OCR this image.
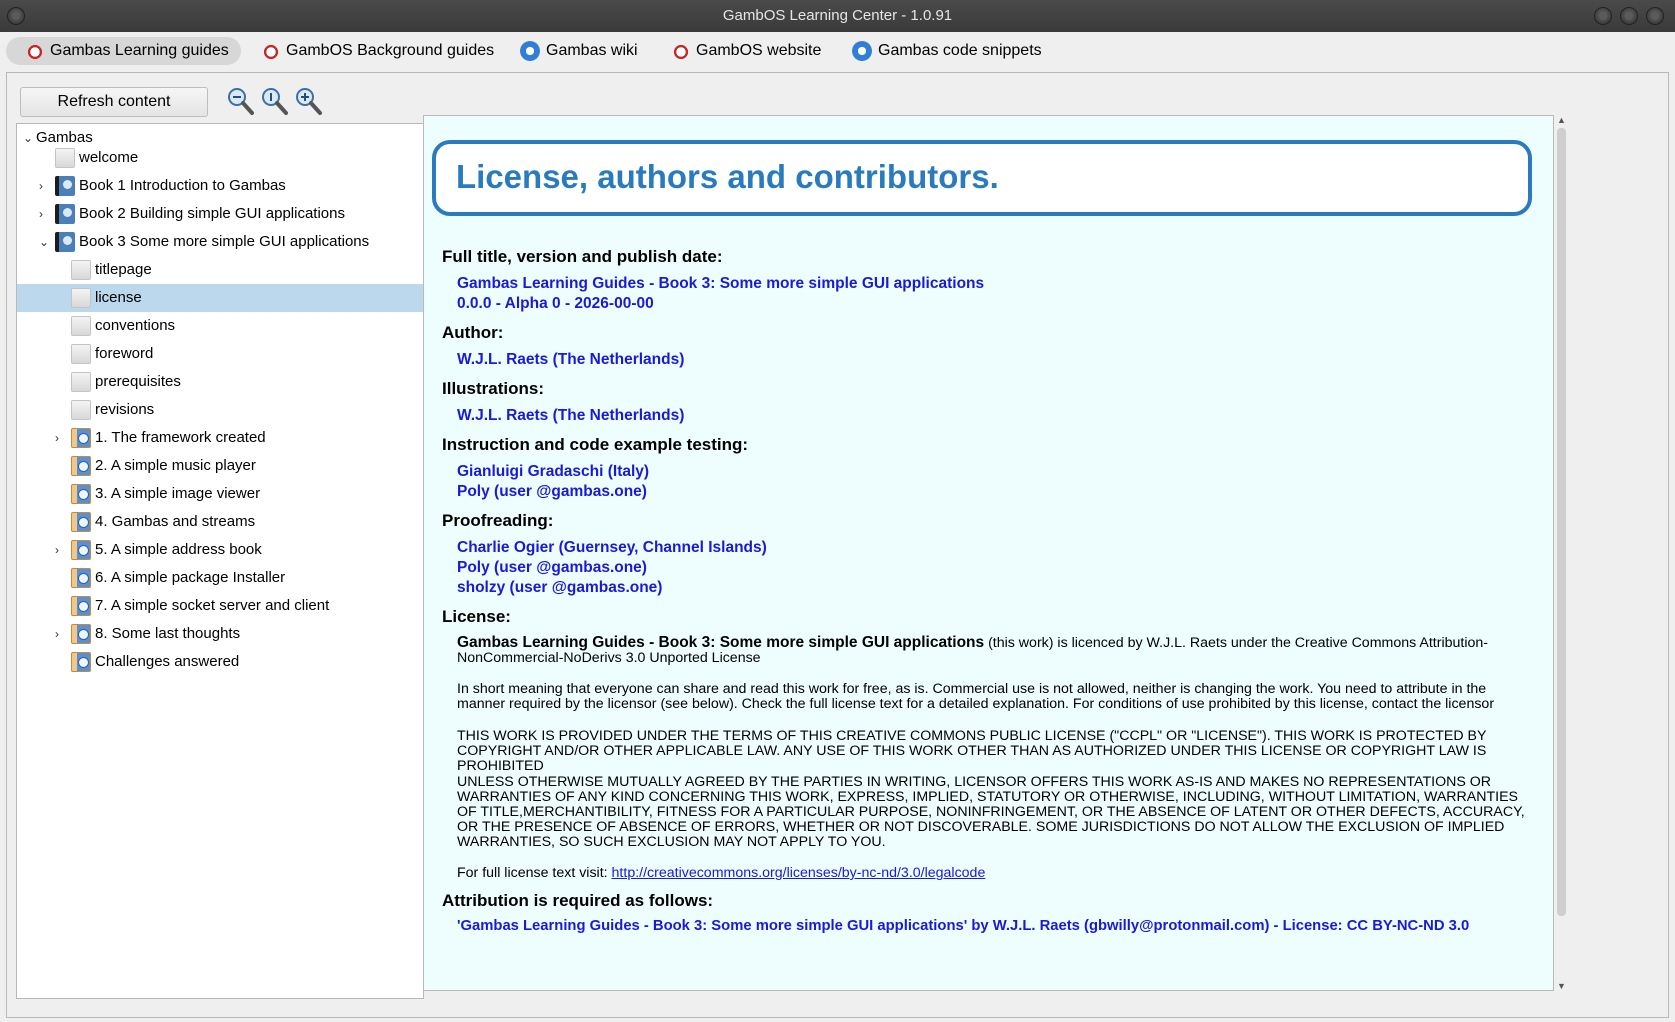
GambOS Learning Center - 1.0.91
Gambas Learning guides	GambOS Background guides	Gambas wiki	GambOS website	Gambas code snippets
Refresh content
⌄ Gambas
welcome
›	Book 1 Introduction to Gambas
›	Book 2 Building simple GUI applications
⌄ Book 3 Some more simple GUI applications
titlepage
license
conventions
foreword
prerequisites
revisions
›	1. The framework created
2. A simple music player
3. A simple image viewer
4. Gambas and streams
›	5. A simple address book
6. A simple package Installer
7. A simple socket server and client
›	8. Some last thoughts
Challenges answered
License, authors and contributors.
Full title, version and publish date:
Gambas Learning Guides - Book 3: Some more simple GUI applications
0.0.0 - Alpha 0 - 2026-00-00
Author:
W.J.L. Raets (The Netherlands)
Illustrations:
W.J.L. Raets (The Netherlands)
Instruction and code example testing:
Gianluigi Gradaschi (Italy)
Poly (user @gambas.one)
Proofreading:
Charlie Ogier (Guernsey, Channel Islands)
Poly (user @gambas.one)
sholzy (user @gambas.one)
License:
Gambas Learning Guides - Book 3: Some more simple GUI applications (this work) is licenced by W.J.L. Raets under the Creative Commons Attribution-NonCommercial-NoDerivs 3.0 Unported License
In short meaning that everyone can share and read this work for free, as is. Commercial use is not allowed, neither is changing the work. You need to attribute in the manner required by the licensor (see below). Check the full license text for a detailed explanation. For conditions of use prohibited by this license, contact the licensor
THIS WORK IS PROVIDED UNDER THE TERMS OF THIS CREATIVE COMMONS PUBLIC LICENSE ("CCPL" OR "LICENSE"). THIS WORK IS PROTECTED BY COPYRIGHT AND/OR OTHER APPLICABLE LAW. ANY USE OF THIS WORK OTHER THAN AS AUTHORIZED UNDER THIS LICENSE OR COPYRIGHT LAW IS PROHIBITED
UNLESS OTHERWISE MUTUALLY AGREED BY THE PARTIES IN WRITING, LICENSOR OFFERS THIS WORK AS-IS AND MAKES NO REPRESENTATIONS OR WARRANTIES OF ANY KIND CONCERNING THIS WORK, EXPRESS, IMPLIED, STATUTORY OR OTHERWISE, INCLUDING, WITHOUT LIMITATION, WARRANTIES OF TITLE,MERCHANTIBILITY, FITNESS FOR A PARTICULAR PURPOSE, NONINFRINGEMENT, OR THE ABSENCE OF LATENT OR OTHER DEFECTS, ACCURACY, OR THE PRESENCE OF ABSENCE OF ERRORS, WHETHER OR NOT DISCOVERABLE. SOME JURISDICTIONS DO NOT ALLOW THE EXCLUSION OF IMPLIED WARRANTIES, SO SUCH EXCLUSION MAY NOT APPLY TO YOU.
For full license text visit: http://creativecommons.org/licenses/by-nc-nd/3.0/legalcode
Attribution is required as follows:
'Gambas Learning Guides - Book 3: Some more simple GUI applications' by W.J.L. Raets (gbwilly@protonmail.com) - License: CC BY-NC-ND 3.0
▲
▼
